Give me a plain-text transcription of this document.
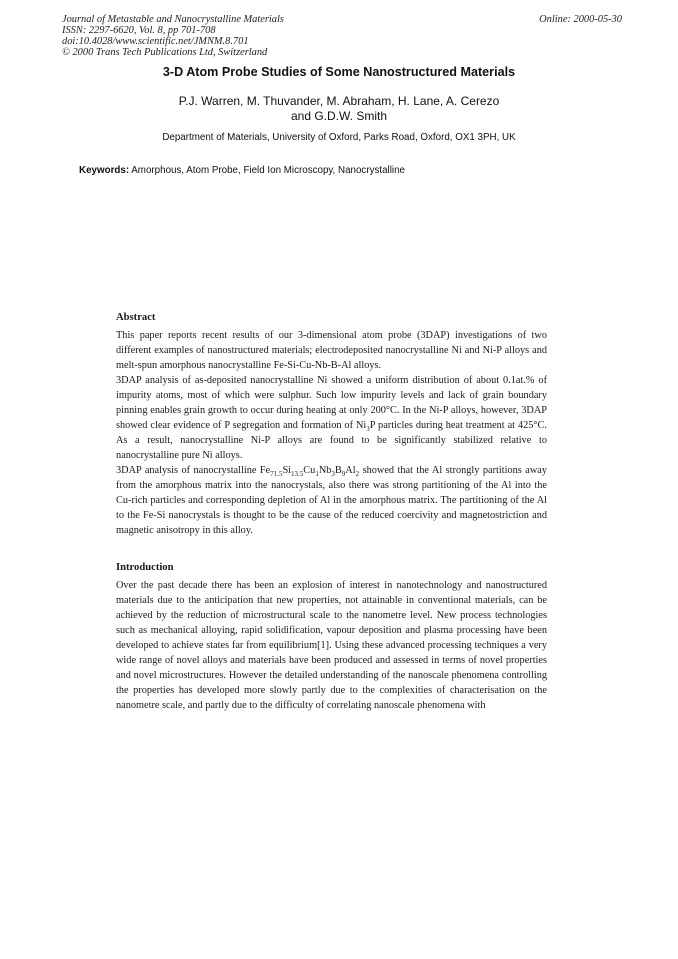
Journal of Metastable and Nanocrystalline Materials
ISSN: 2297-6620, Vol. 8, pp 701-708
doi:10.4028/www.scientific.net/JMNM.8.701
© 2000 Trans Tech Publications Ltd, Switzerland
Online: 2000-05-30
3-D Atom Probe Studies of Some Nanostructured Materials
P.J. Warren, M. Thuvander, M. Abraham, H. Lane, A. Cerezo
and G.D.W. Smith
Department of Materials, University of Oxford, Parks Road, Oxford, OX1 3PH, UK
Keywords: Amorphous, Atom Probe, Field Ion Microscopy, Nanocrystalline
Abstract

This paper reports recent results of our 3-dimensional atom probe (3DAP) investigations of two different examples of nanostructured materials; electrodeposited nanocrystalline Ni and Ni-P alloys and melt-spun amorphous nanocrystalline Fe-Si-Cu-Nb-B-Al alloys.

3DAP analysis of as-deposited nanocrystalline Ni showed a uniform distribution of about 0.1at.% of impurity atoms, most of which were sulphur. Such low impurity levels and lack of grain boundary pinning enables grain growth to occur during heating at only 200°C. In the Ni-P alloys, however, 3DAP showed clear evidence of P segregation and formation of $Ni_3P$ particles during heat treatment at 425°C. As a result, nanocrystalline Ni-P alloys are found to be significantly stabilized relative to nanocrystalline pure Ni alloys.

3DAP analysis of nanocrystalline $Fe_{71.5}Si_{13.5}Cu_1Nb_3B_9Al_2$ showed that the Al strongly partitions away from the amorphous matrix into the nanocrystals, also there was strong partitioning of the Al into the Cu-rich particles and corresponding depletion of Al in the amorphous matrix. The partitioning of the Al to the Fe-Si nanocrystals is thought to be the cause of the reduced coercivity and magnetostriction and magnetic anisotropy in this alloy.

Introduction

Over the past decade there has been an explosion of interest in nanotechnology and nanostructured materials due to the anticipation that new properties, not attainable in conventional materials, can be achieved by the reduction of microstructural scale to the nanometre level. New process technologies such as mechanical alloying, rapid solidification, vapour deposition and plasma processing have been developed to achieve states far from equilibrium[1]. Using these advanced processing techniques a very wide range of novel alloys and materials have been produced and assessed in terms of novel properties and novel microstructures. However the detailed understanding of the nanoscale phenomena controlling the properties has developed more slowly partly due to the complexities of characterisation on the nanometre scale, and partly due to the difficulty of correlating nanoscale phenomena with
